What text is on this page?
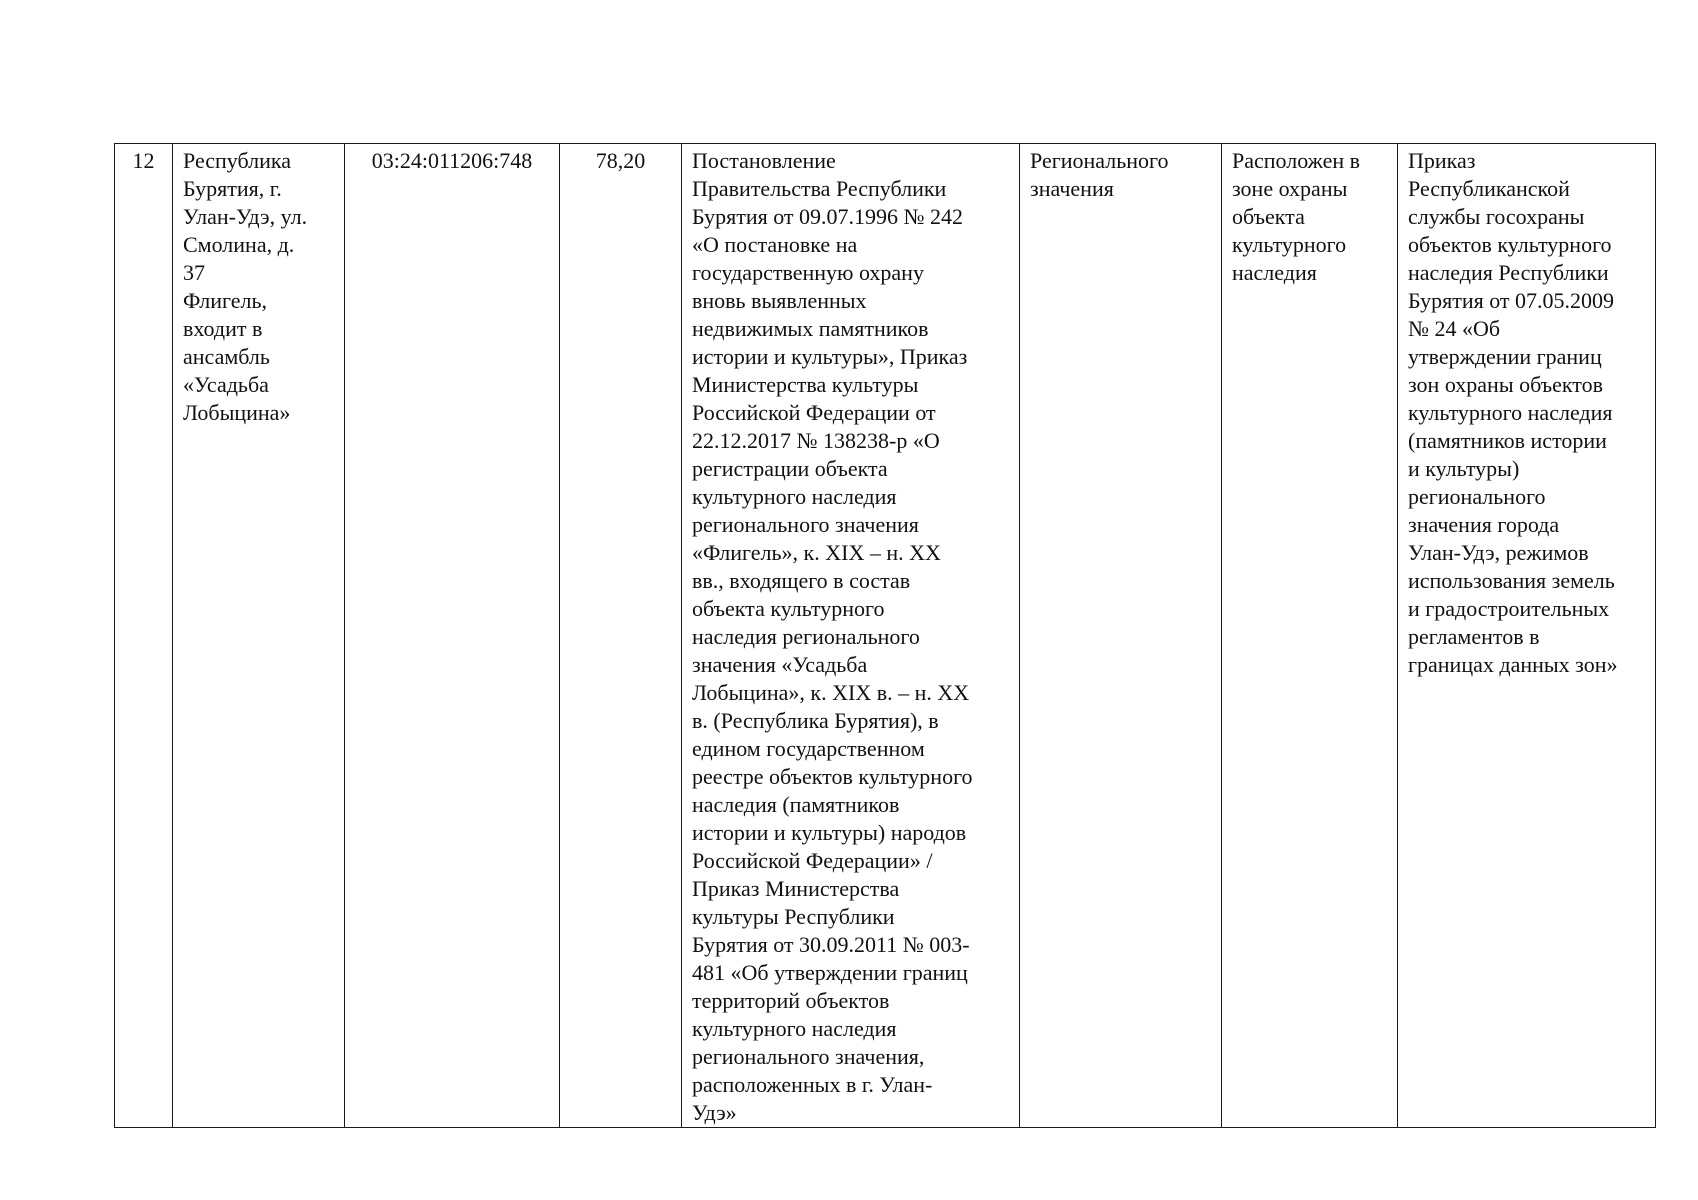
12	Республика
Бурятия, г.
Улан-Удэ, ул.
Смолина, д.
37
Флигель,
входит в
ансамбль
«Усадьба
Лобыцина»	03:24:011206:748	78,20	Постановление
Правительства Республики
Бурятия от 09.07.1996 № 242
«О постановке на
государственную охрану
вновь выявленных
недвижимых памятников
истории и культуры», Приказ
Министерства культуры
Российской Федерации от
22.12.2017 № 138238-р «О
регистрации объекта
культурного наследия
регионального значения
«Флигель», к. XIX – н. XX
вв., входящего в состав
объекта культурного
наследия регионального
значения «Усадьба
Лобыцина», к. XIX в. – н. XX
в. (Республика Бурятия), в
едином государственном
реестре объектов культурного
наследия (памятников
истории и культуры) народов
Российской Федерации» /
Приказ Министерства
культуры Республики
Бурятия от 30.09.2011 № 003-
481 «Об утверждении границ
территорий объектов
культурного наследия
регионального значения,
расположенных в г. Улан-
Удэ»	Регионального
значения	Расположен в
зоне охраны
объекта
культурного
наследия	Приказ
Республиканской
службы госохраны
объектов культурного
наследия Республики
Бурятия от 07.05.2009
№ 24 «Об
утверждении границ
зон охраны объектов
культурного наследия
(памятников истории
и культуры)
регионального
значения города
Улан-Удэ, режимов
использования земель
и градостроительных
регламентов в
границах данных зон»
